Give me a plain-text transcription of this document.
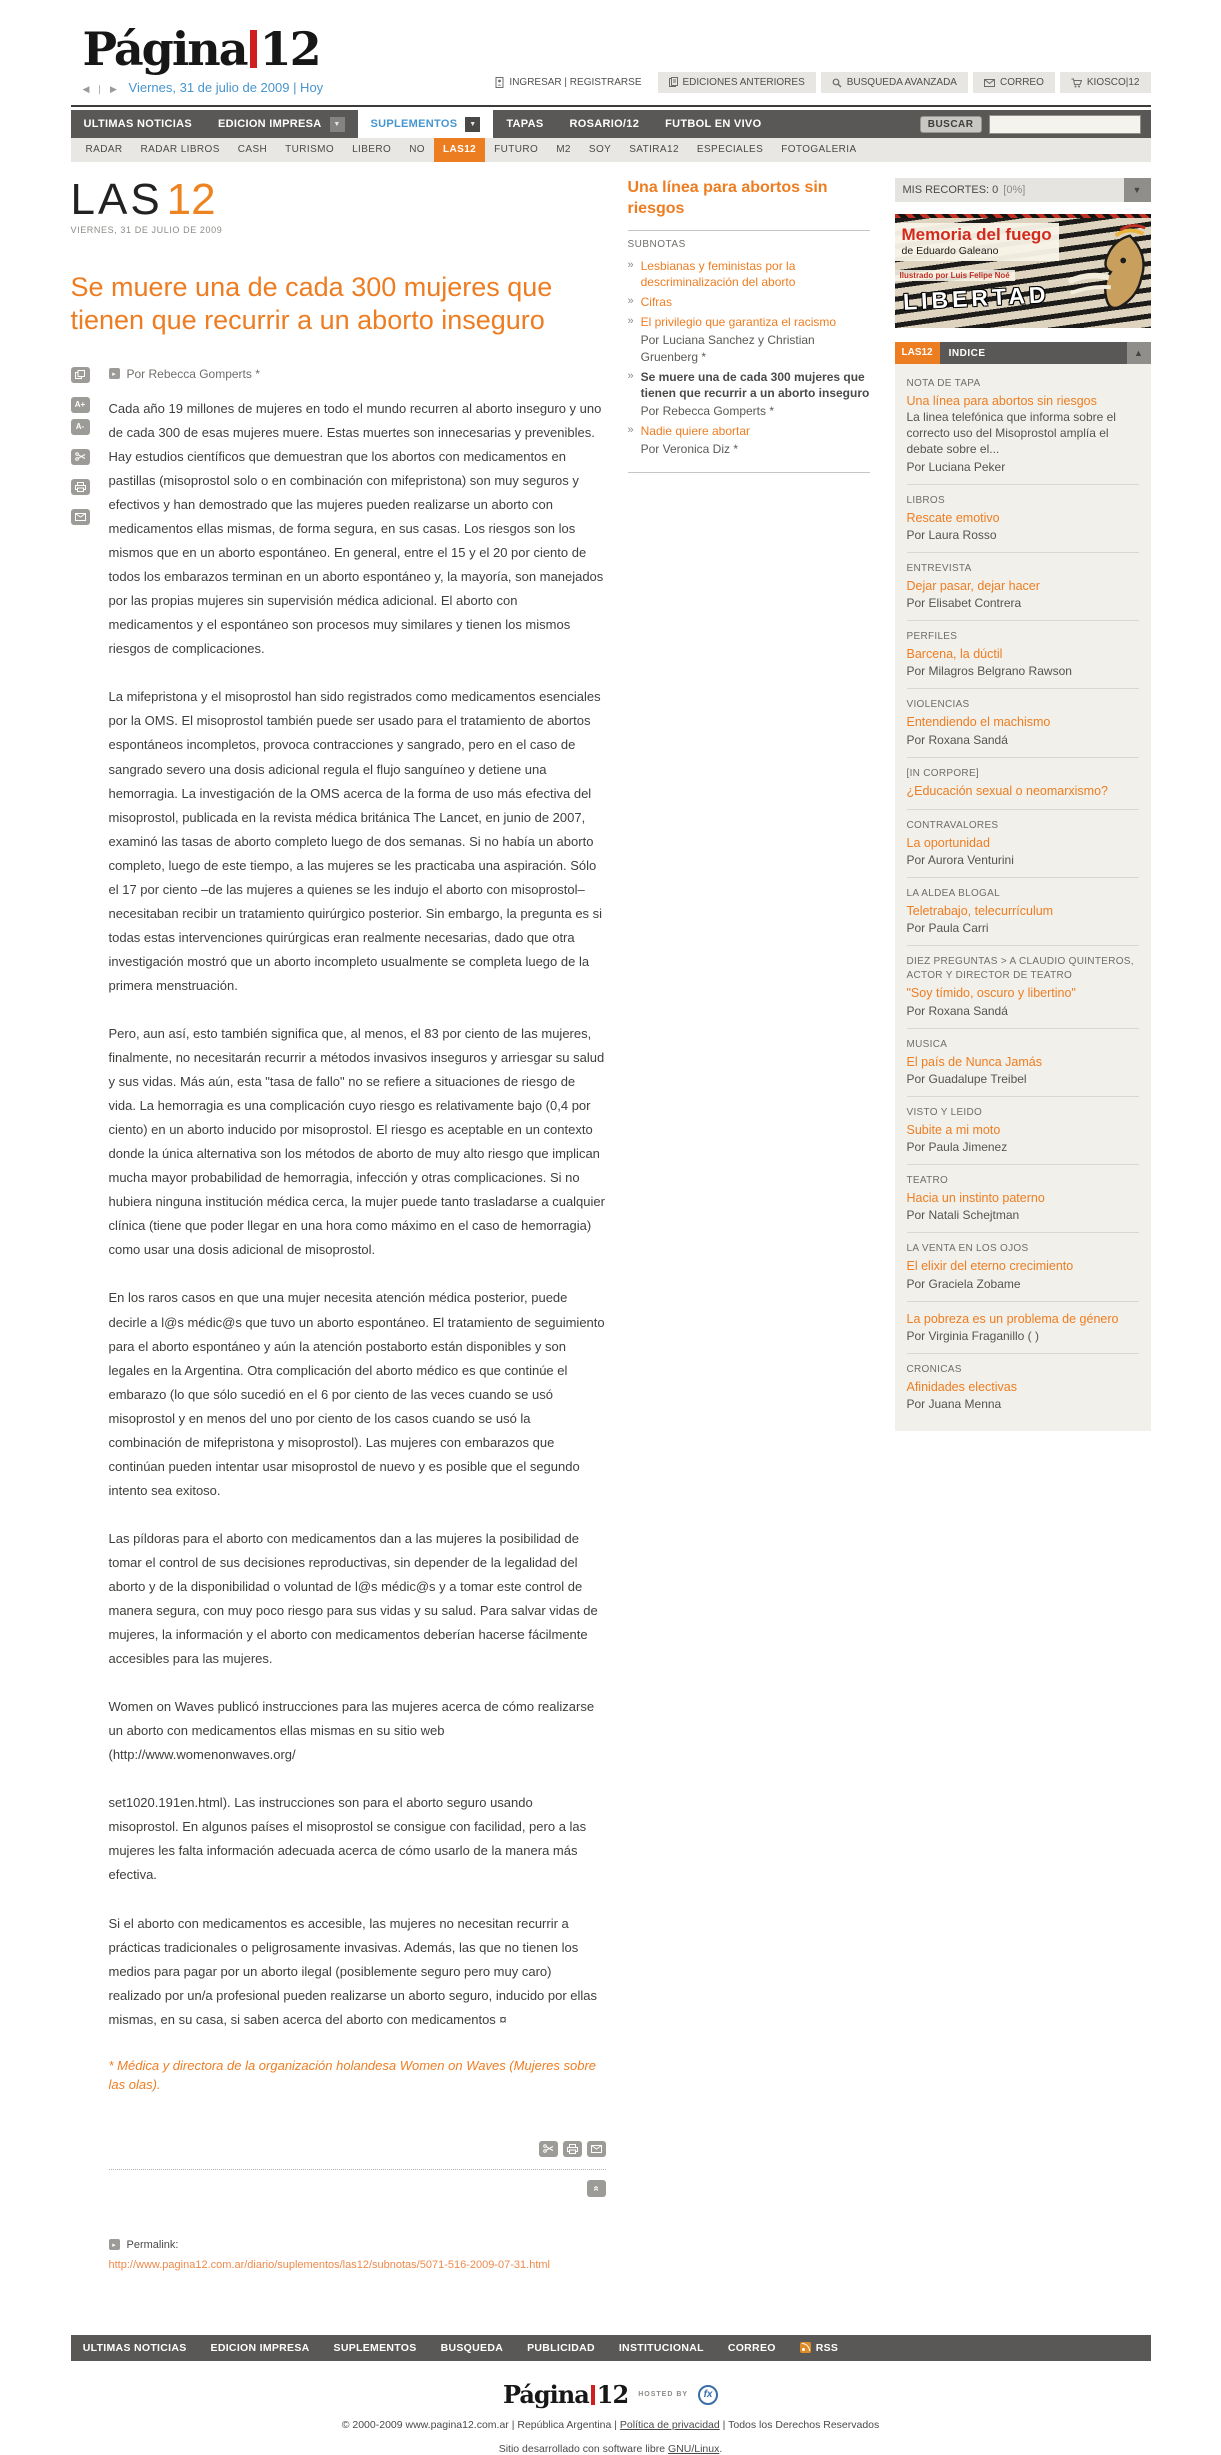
Página 12
◀ ❘ ▶ Viernes, 31 de julio de 2009 | Hoy	INGRESAR | REGISTRARSE	EDICIONES ANTERIORES	BUSQUEDA AVANZADA	CORREO	KIOSCO|12
ULTIMAS NOTICIAS EDICION IMPRESA	▼	SUPLEMENTOS	▼	TAPAS ROSARIO/12 FUTBOL EN VIVO	BUSCAR
RADAR	RADAR LIBROS	CASH	TURISMO	LIBERO	NO	LAS12	FUTURO	M2	SOY	SATIRA12	ESPECIALES	FOTOGALERIA
LAS12
VIERNES, 31 DE JULIO DE 2009
Se muere una de cada 300 mujeres que tienen que recurrir a un aborto inseguro
A+
A-
▸ Por Rebecca Gomperts *

Cada año 19 millones de mujeres en todo el mundo recurren al aborto inseguro y uno de cada 300 de esas mujeres muere. Estas muertes son innecesarias y prevenibles. Hay estudios científicos que demuestran que los abortos con medicamentos en pastillas (misoprostol solo o en combinación con mifepristona) son muy seguros y efectivos y han demostrado que las mujeres pueden realizarse un aborto con medicamentos ellas mismas, de forma segura, en sus casas. Los riesgos son los mismos que en un aborto espontáneo. En general, entre el 15 y el 20 por ciento de todos los embarazos terminan en un aborto espontáneo y, la mayoría, son manejados por las propias mujeres sin supervisión médica adicional. El aborto con medicamentos y el espontáneo son procesos muy similares y tienen los mismos riesgos de complicaciones.

La mifepristona y el misoprostol han sido registrados como medicamentos esenciales por la OMS. El misoprostol también puede ser usado para el tratamiento de abortos espontáneos incompletos, provoca contracciones y sangrado, pero en el caso de sangrado severo una dosis adicional regula el flujo sanguíneo y detiene una hemorragia. La investigación de la OMS acerca de la forma de uso más efectiva del misoprostol, publicada en la revista médica británica The Lancet, en junio de 2007, examinó las tasas de aborto completo luego de dos semanas. Si no había un aborto completo, luego de este tiempo, a las mujeres se les practicaba una aspiración. Sólo el 17 por ciento –de las mujeres a quienes se les indujo el aborto con misoprostol– necesitaban recibir un tratamiento quirúrgico posterior. Sin embargo, la pregunta es si todas estas intervenciones quirúrgicas eran realmente necesarias, dado que otra investigación mostró que un aborto incompleto usualmente se completa luego de la primera menstruación.

Pero, aun así, esto también significa que, al menos, el 83 por ciento de las mujeres, finalmente, no necesitarán recurrir a métodos invasivos inseguros y arriesgar su salud y sus vidas. Más aún, esta "tasa de fallo" no se refiere a situaciones de riesgo de vida. La hemorragia es una complicación cuyo riesgo es relativamente bajo (0,4 por ciento) en un aborto inducido por misoprostol. El riesgo es aceptable en un contexto donde la única alternativa son los métodos de aborto de muy alto riesgo que implican mucha mayor probabilidad de hemorragia, infección y otras complicaciones. Si no hubiera ninguna institución médica cerca, la mujer puede tanto trasladarse a cualquier clínica (tiene que poder llegar en una hora como máximo en el caso de hemorragia) como usar una dosis adicional de misoprostol.

En los raros casos en que una mujer necesita atención médica posterior, puede decirle a l@s médic@s que tuvo un aborto espontáneo. El tratamiento de seguimiento para el aborto espontáneo y aún la atención postaborto están disponibles y son legales en la Argentina. Otra complicación del aborto médico es que continúe el embarazo (lo que sólo sucedió en el 6 por ciento de las veces cuando se usó misoprostol y en menos del uno por ciento de los casos cuando se usó la combinación de mifepristona y misoprostol). Las mujeres con embarazos que continúan pueden intentar usar misoprostol de nuevo y es posible que el segundo intento sea exitoso.

Las píldoras para el aborto con medicamentos dan a las mujeres la posibilidad de tomar el control de sus decisiones reproductivas, sin depender de la legalidad del aborto y de la disponibilidad o voluntad de l@s médic@s y a tomar este control de manera segura, con muy poco riesgo para sus vidas y su salud. Para salvar vidas de mujeres, la información y el aborto con medicamentos deberían hacerse fácilmente accesibles para las mujeres.

Women on Waves publicó instrucciones para las mujeres acerca de cómo realizarse un aborto con medicamentos ellas mismas en su sitio web (http://www.womenonwaves.org/

set1020.191en.html). Las instrucciones son para el aborto seguro usando misoprostol. En algunos países el misoprostol se consigue con facilidad, pero a las mujeres les falta información adecuada acerca de cómo usarlo de la manera más efectiva.

Si el aborto con medicamentos es accesible, las mujeres no necesitan recurrir a prácticas tradicionales o peligrosamente invasivas. Además, las que no tienen los medios para pagar por un aborto ilegal (posiblemente seguro pero muy caro) realizado por un/a profesional pueden realizarse un aborto seguro, inducido por ellas mismas, en su casa, si saben acerca del aborto con medicamentos ¤

* Médica y directora de la organización holandesa Women on Waves (Mujeres sobre las olas).
»
▸ Permalink:
http://www.pagina12.com.ar/diario/suplementos/las12/subnotas/5071-516-2009-07-31.html
Una línea para abortos sin riesgos
SUBNOTAS
» Lesbianas y feministas por la descriminalización del aborto
» Cifras
» El privilegio que garantiza el racismo
Por Luciana Sanchez y Christian Gruenberg *
» Se muere una de cada 300 mujeres que tienen que recurrir a un aborto inseguro
Por Rebecca Gomperts *
» Nadie quiere abortar
Por Veronica Diz *
MIS RECORTES:
0 [0%]	▼
Memoria del fuego
de Eduardo Galeano
Ilustrado por Luis Felipe Noé
LIBERTAD
LAS12	INDICE	▲
NOTA DE TAPA
Una línea para abortos sin riesgos
La linea telefónica que informa sobre el correcto uso del Misoprostol amplía el debate sobre el...
Por Luciana Peker
LIBROS
Rescate emotivo
Por Laura Rosso
ENTREVISTA
Dejar pasar, dejar hacer
Por Elisabet Contrera
PERFILES
Barcena, la dúctil
Por Milagros Belgrano Rawson
VIOLENCIAS
Entendiendo el machismo
Por Roxana Sandá
[IN CORPORE]
¿Educación sexual o neomarxismo?
CONTRAVALORES
La oportunidad
Por Aurora Venturini
LA ALDEA BLOGAL
Teletrabajo, telecurrículum
Por Paula Carri
DIEZ PREGUNTAS > A CLAUDIO QUINTEROS, ACTOR Y DIRECTOR DE TEATRO
"Soy tímido, oscuro y libertino"
Por Roxana Sandá
MUSICA
El país de Nunca Jamás
Por Guadalupe Treibel
VISTO Y LEIDO
Subite a mi moto
Por Paula Jimenez
TEATRO
Hacia un instinto paterno
Por Natali Schejtman
LA VENTA EN LOS OJOS
El elixir del eterno crecimiento
Por Graciela Zobame
La pobreza es un problema de género
Por Virginia Fraganillo ( )
CRONICAS
Afinidades electivas
Por Juana Menna
ULTIMAS NOTICIAS EDICION IMPRESA SUPLEMENTOS BUSQUEDA PUBLICIDAD INSTITUCIONAL CORREO	RSS
Página 12 HOSTED BY	fx
© 2000-2009 www.pagina12.com.ar | República Argentina | Política de privacidad | Todos los Derechos Reservados
Sitio desarrollado con software libre GNU/Linux.
